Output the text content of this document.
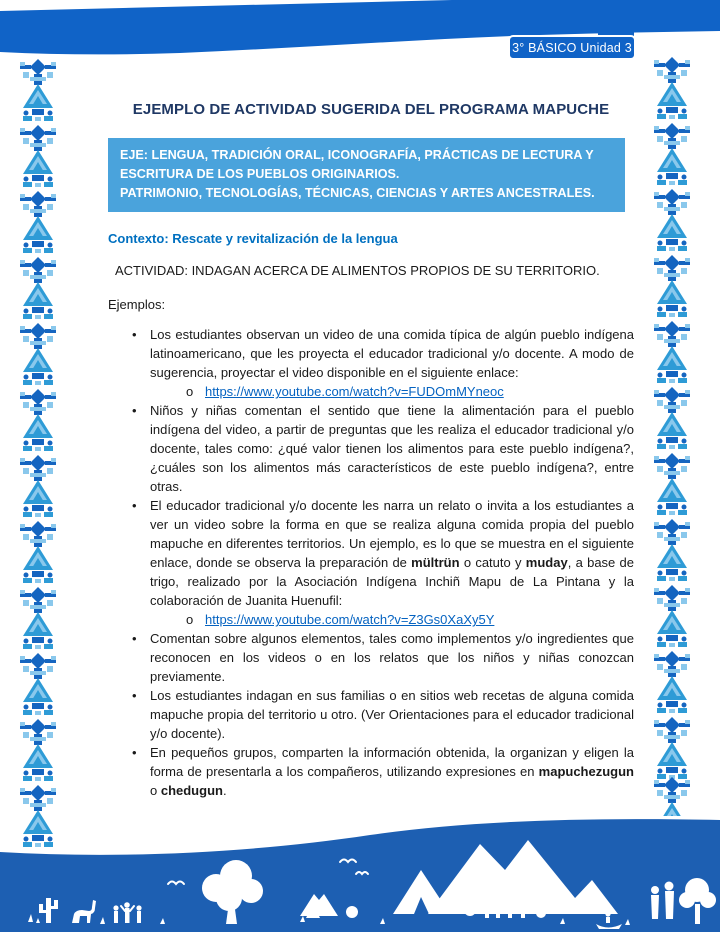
3° BÁSICO Unidad 3
EJEMPLO DE ACTIVIDAD SUGERIDA DEL PROGRAMA MAPUCHE

EJE: LENGUA, TRADICIÓN ORAL, ICONOGRAFÍA, PRÁCTICAS DE LECTURA Y ESCRITURA DE LOS PUEBLOS ORIGINARIOS.

PATRIMONIO, TECNOLOGÍAS, TÉCNICAS, CIENCIAS Y ARTES ANCESTRALES.

Contexto: Rescate y revitalización de la lengua

ACTIVIDAD: INDAGAN ACERCA DE ALIMENTOS PROPIOS DE SU TERRITORIO.

Ejemplos:

•	Los estudiantes observan un video de una comida típica de algún pueblo indígena latinoamericano, que les proyecta el educador tradicional y/o docente. A modo de sugerencia, proyectar el video disponible en el siguiente enlace:
o https://www.youtube.com/watch?v=FUDOmMYneoc
•	Niños y niñas comentan el sentido que tiene la alimentación para el pueblo indígena del video, a partir de preguntas que les realiza el educador tradicional y/o docente, tales como: ¿qué valor tienen los alimentos para este pueblo indígena?, ¿cuáles son los alimentos más característicos de este pueblo indígena?, entre otras.
•	El educador tradicional y/o docente les narra un relato o invita a los estudiantes a ver un video sobre la forma en que se realiza alguna comida propia del pueblo mapuche en diferentes territorios. Un ejemplo, es lo que se muestra en el siguiente enlace, donde se observa la preparación de mültrün o catuto y muday, a base de trigo, realizado por la Asociación Indígena Inchiñ Mapu de La Pintana y la colaboración de Juanita Huenufil:
o https://www.youtube.com/watch?v=Z3Gs0XaXy5Y
•	Comentan sobre algunos elementos, tales como implementos y/o ingredientes que reconocen en los videos o en los relatos que los niños y niñas conozcan previamente.
•	Los estudiantes indagan en sus familias o en sitios web recetas de alguna comida mapuche propia del territorio u otro. (Ver Orientaciones para el educador tradicional y/o docente).
•	En pequeños grupos, comparten la información obtenida, la organizan y eligen la forma de presentarla a los compañeros, utilizando expresiones en mapuchezugun o chedugun.
